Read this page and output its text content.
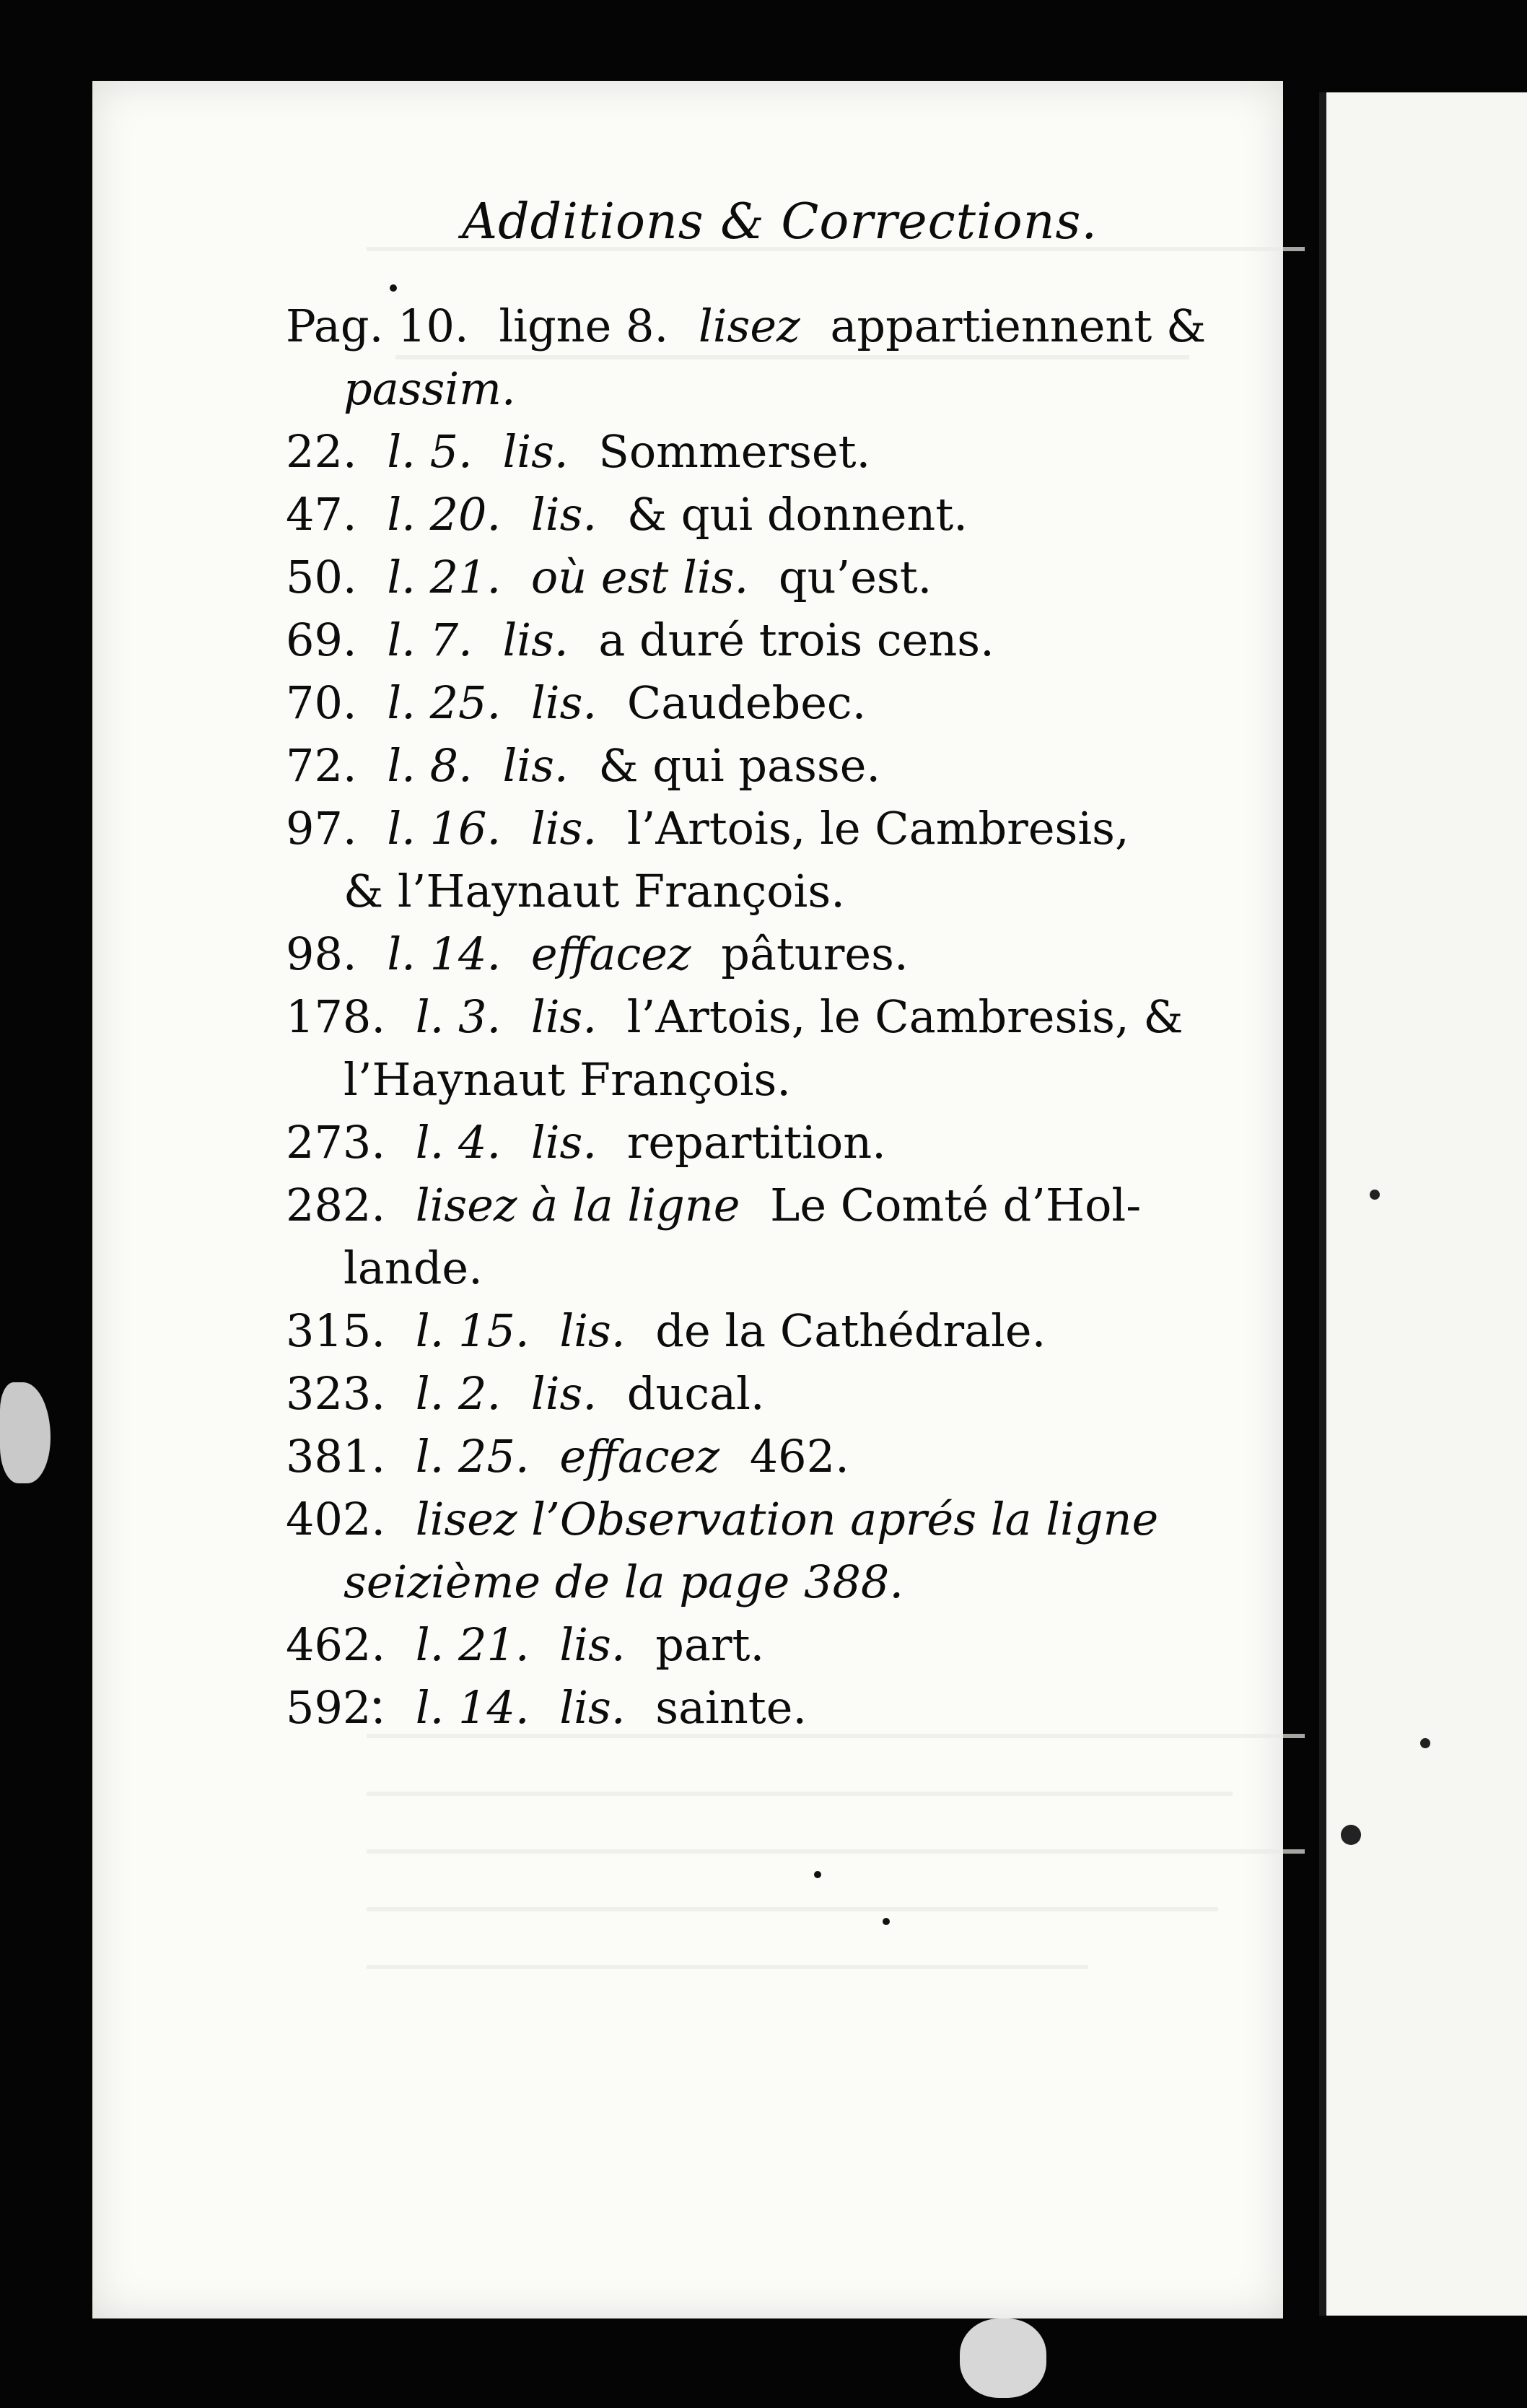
Additions & Corrections.
Pag. 10. ligne 8. lisez appartiennent &
passim.
22. l. 5. lis. Sommerset.
47. l. 20. lis. & qui donnent.
50. l. 21. où est lis. qu’est.
69. l. 7. lis. a duré trois cens.
70. l. 25. lis. Caudebec.
72. l. 8. lis. & qui passe.
97. l. 16. lis. l’Artois, le Cambresis,
& l’Haynaut François.
98. l. 14. effacez pâtures.
178. l. 3. lis. l’Artois, le Cambresis, &
l’Haynaut François.
273. l. 4. lis. repartition.
282. lisez à la ligne Le Comté d’Hol-
lande.
315. l. 15. lis. de la Cathédrale.
323. l. 2. lis. ducal.
381. l. 25. effacez 462.
402. lisez l’Observation aprés la ligne
seizième de la page 388.
462. l. 21. lis. part.
592. l. 14. lis. sainte.
